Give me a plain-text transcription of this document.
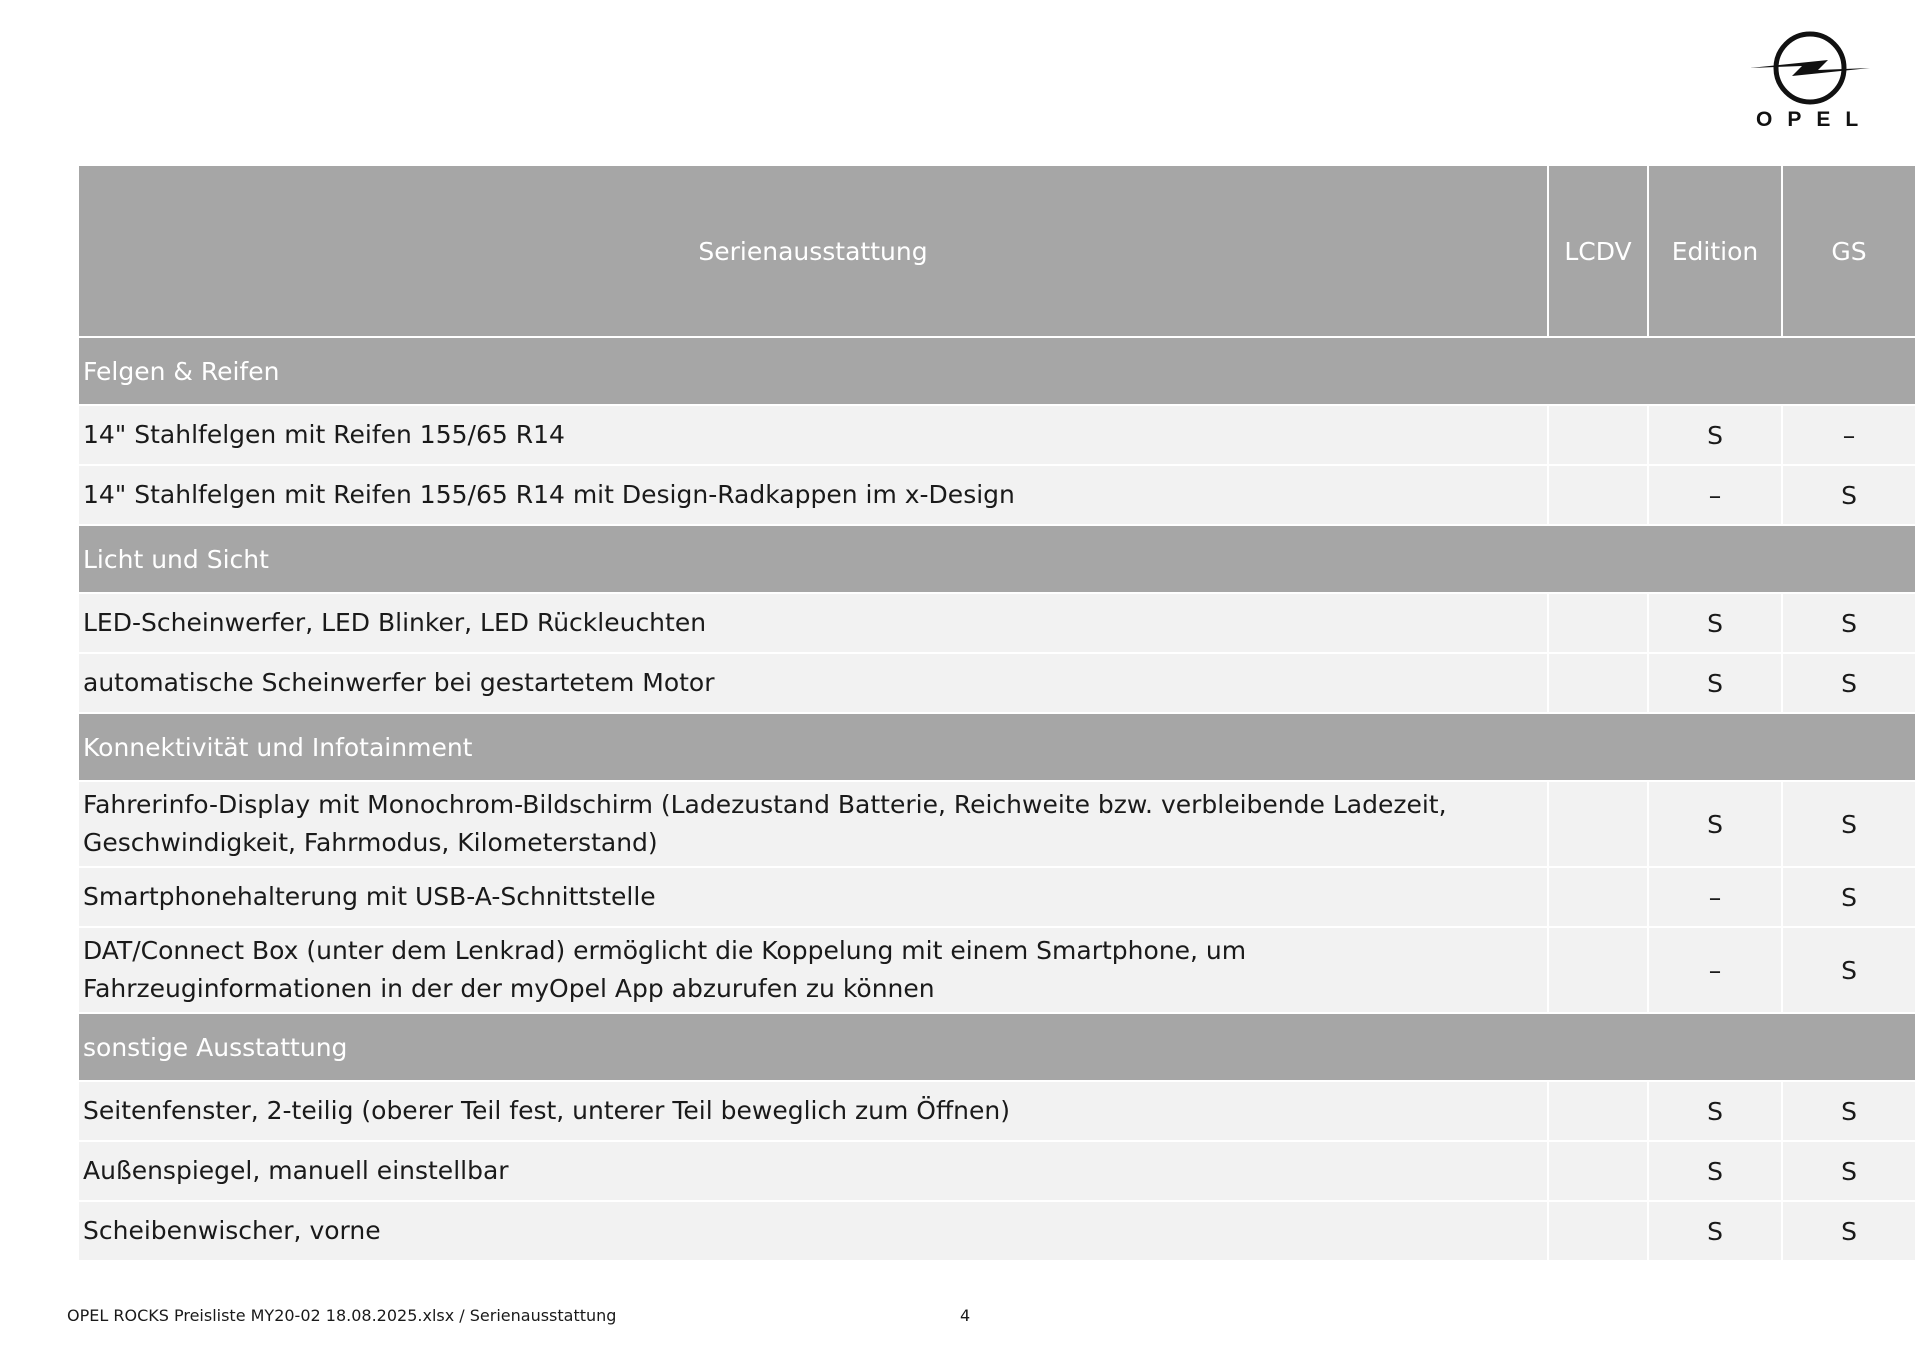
OPEL
Serienausstattung	LCDV	Edition	GS
Felgen & Reifen			
14" Stahlfelgen mit Reifen 155/65 R14		S	–
14" Stahlfelgen mit Reifen 155/65 R14 mit Design-Radkappen im x-Design		–	S
Licht und Sicht			
LED-Scheinwerfer, LED Blinker, LED Rückleuchten		S	S
automatische Scheinwerfer bei gestartetem Motor		S	S
Konnektivität und Infotainment			
Fahrerinfo-Display mit Monochrom-Bildschirm (Ladezustand Batterie, Reichweite bzw. verbleibende Ladezeit, Geschwindigkeit, Fahrmodus, Kilometerstand)		S	S
Smartphonehalterung mit USB-A-Schnittstelle		–	S
DAT/Connect Box (unter dem Lenkrad) ermöglicht die Koppelung mit einem Smartphone, um Fahrzeuginformationen in der der myOpel App abzurufen zu können		–	S
sonstige Ausstattung			
Seitenfenster, 2-teilig (oberer Teil fest, unterer Teil beweglich zum Öffnen)		S	S
Außenspiegel, manuell einstellbar		S	S
Scheibenwischer, vorne		S	S
OPEL ROCKS Preisliste MY20-02 18.08.2025.xlsx / Serienausstattung	4
